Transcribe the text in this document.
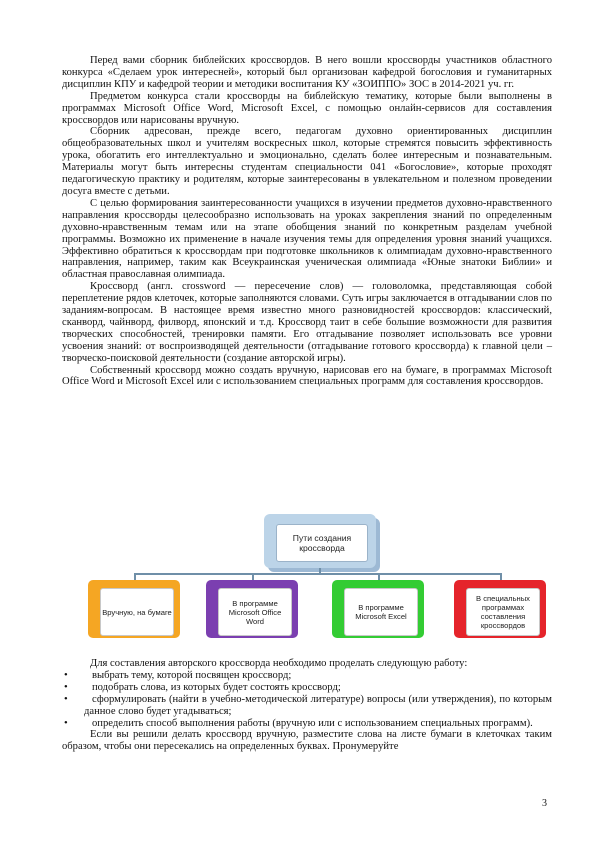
Перед вами сборник библейских кроссвордов. В него вошли кроссворды участников областного конкурса «Сделаем урок интересней», который был организован кафедрой богословия и гуманитарных дисциплин КПУ и кафедрой теории и методики воспитания КУ «ЗОИППО» ЗОС в 2014-2021 уч. гг.

Предметом конкурса стали кроссворды на библейскую тематику, которые были выполнены в программах Microsoft Office Word, Microsoft Excel, с помощью онлайн-сервисов для составления кроссвордов или нарисованы вручную.

Сборник адресован, прежде всего, педагогам духовно ориентированных дисциплин общеобразовательных школ и учителям воскресных школ, которые стремятся повысить эффективность урока, обогатить его интеллектуально и эмоционально, сделать более интересным и познавательным. Материалы могут быть интересны студентам специальности 041 «Богословие», которые проходят педагогическую практику и родителям, которые заинтересованы в увлекательном и полезном проведении досуга вместе с детьми.

С целью формирования заинтересованности учащихся в изучении предметов духовно-нравственного направления кроссворды целесообразно использовать на уроках закрепления знаний по определенным духовно-нравственным темам или на этапе обобщения знаний по конкретным разделам учебной программы. Возможно их применение в начале изучения темы для определения уровня знаний учащихся. Эффективно обратиться к кроссвордам при подготовке школьников к олимпиадам духовно-нравственного направления, например, таким как Всеукраинская ученическая олимпиада «Юные знатоки Библии» и областная православная олимпиада.

Кроссворд (англ. crossword — пересечение слов) — головоломка, представляющая собой переплетение рядов клеточек, которые заполняются словами. Суть игры заключается в отгадывании слов по заданиям-вопросам. В настоящее время известно много разновидностей кроссвордов: классический, сканворд, чайнворд, филворд, японский и т.д. Кроссворд таит в себе большие возможности для развития творческих способностей, тренировки памяти. Его отгадывание позволяет использовать все уровни усвоения знаний: от воспроизводящей деятельности (отгадывание готового кроссворда) к главной цели – творческо-поисковой деятельности (создание авторской игры).

Собственный кроссворд можно создать вручную, нарисовав его на бумаге, в программах Microsoft Office Word и Microsoft Excel или с использованием специальных программ для составления кроссвордов.

Пути создания кроссворда
Вручную, на бумаге
В программе Microsoft Office Word
В программе Microsoft Excel
В специальных программах составления кроссвордов

Для составления авторского кроссворда необходимо проделать следующую работу:

•	выбрать тему, которой посвящен кроссворд;
•	подобрать слова, из которых будет состоять кроссворд;
•	сформулировать (найти в учебно-методической литературе) вопросы (или утверждения), по которым данное слово будет угадываться;
•	определить способ выполнения работы (вручную или с использованием специальных программ).

Если вы решили делать кроссворд вручную, разместите слова на листе бумаги в клеточках таким образом, чтобы они пересекались на определенных буквах. Пронумеруйте

3
